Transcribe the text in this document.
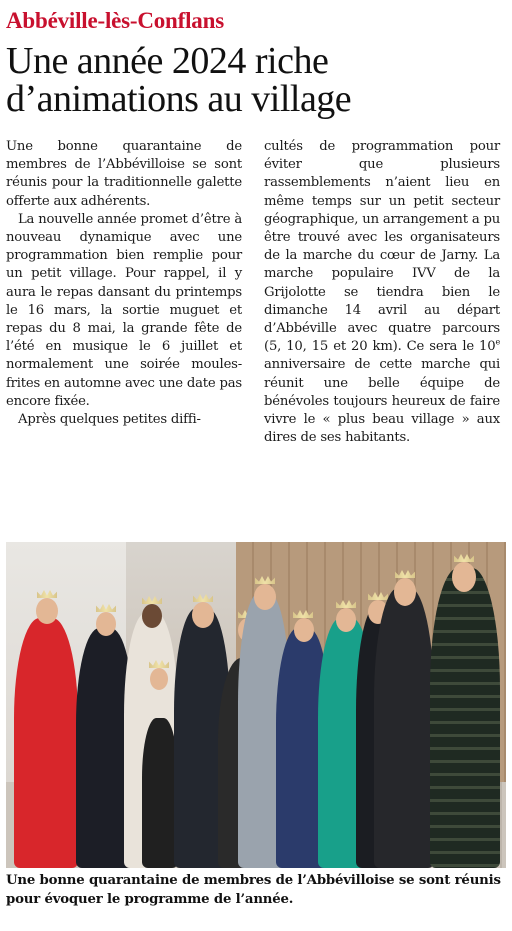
Abbéville-lès-Conflans
Une année 2024 riche d’animations au village

Une bonne quarantaine de membres de l’Abbévilloise se sont réunis pour la traditionnelle galette offerte aux adhérents.

La nouvelle année promet d’être à nouveau dynamique avec une programmation bien remplie pour un petit village. Pour rappel, il y aura le repas dansant du printemps le 16 mars, la sortie muguet et repas du 8 mai, la grande fête de l’été en musique le 6 juillet et normalement une soirée moules-frites en automne avec une date pas encore fixée.

Après quelques petites diffi-

cultés de programmation pour éviter que plusieurs rassemblements n’aient lieu en même temps sur un petit secteur géographique, un arrangement a pu être trouvé avec les organisateurs de la marche du cœur de Jarny. La marche populaire IVV de la Grijolotte se tiendra bien le dimanche 14 avril au départ d’Abbéville avec quatre parcours (5, 10, 15 et 20 km). Ce sera le 10e anniversaire de cette marche qui réunit une belle équipe de bénévoles toujours heureux de faire vivre le « plus beau village » aux dires de ses habitants.

Une bonne quarantaine de membres de l’Abbévilloise se sont réunis pour évoquer le programme de l’année.
